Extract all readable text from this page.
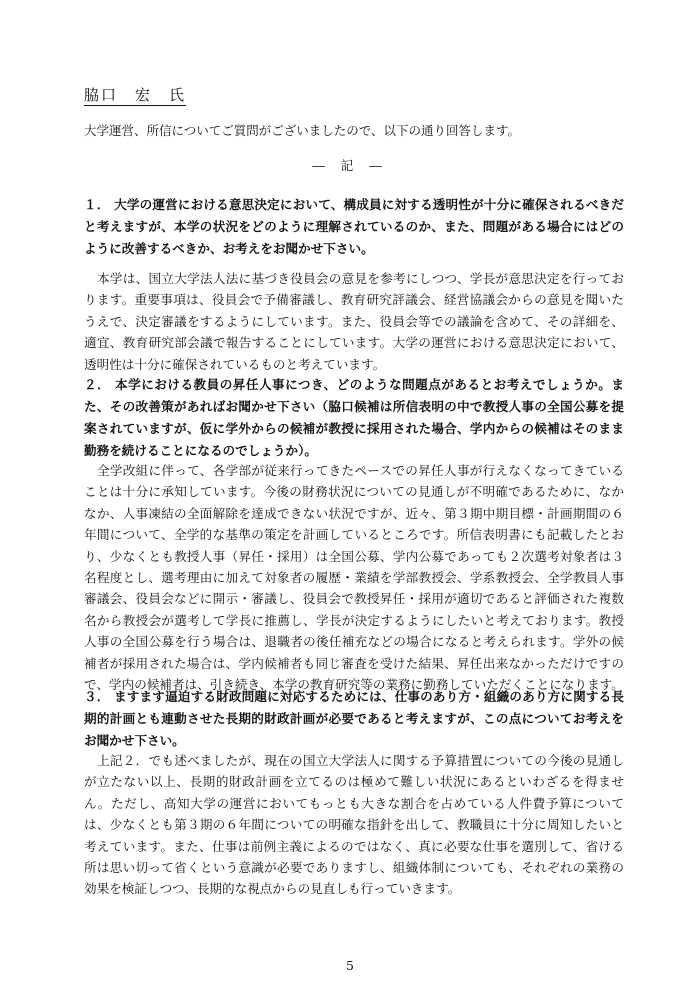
脇口　宏　氏
大学運営、所信についてご質問がございましたので、以下の通り回答します。
― 記 ―
１． 大学の運営における意思決定において、構成員に対する透明性が十分に確保されるべきだと考えますが、本学の状況をどのように理解されているのか、また、問題がある場合にはどのように改善するべきか、お考えをお聞かせ下さい。
本学は、国立大学法人法に基づき役員会の意見を参考にしつつ、学長が意思決定を行っております。重要事項は、役員会で予備審議し、教育研究評議会、経営協議会からの意見を聞いたうえで、決定審議をするようにしています。また、役員会等での議論を含めて、その詳細を、適宜、教育研究部会議で報告することにしています。大学の運営における意思決定において、透明性は十分に確保されているものと考えています。
２． 本学における教員の昇任人事につき、どのような問題点があるとお考えでしょうか。また、その改善策があればお聞かせ下さい（脇口候補は所信表明の中で教授人事の全国公募を提案されていますが、仮に学外からの候補が教授に採用された場合、学内からの候補はそのまま勤務を続けることになるのでしょうか）。
全学改組に伴って、各学部が従来行ってきたペースでの昇任人事が行えなくなってきていることは十分に承知しています。今後の財務状況についての見通しが不明確であるために、なかなか、人事凍結の全面解除を達成できない状況ですが、近々、第３期中期目標・計画期間の６年間について、全学的な基準の策定を計画しているところです。所信表明書にも記載したとおり、少なくとも教授人事（昇任・採用）は全国公募、学内公募であっても２次選考対象者は３名程度とし、選考理由に加えて対象者の履歴・業績を学部教授会、学系教授会、全学教員人事審議会、役員会などに開示・審議し、役員会で教授昇任・採用が適切であると評価された複数名から教授会が選考して学長に推薦し、学長が決定するようにしたいと考えております。教授人事の全国公募を行う場合は、退職者の後任補充などの場合になると考えられます。学外の候補者が採用された場合は、学内候補者も同じ審査を受けた結果、昇任出来なかっただけですので、学内の候補者は、引き続き、本学の教育研究等の業務に勤務していただくことになります。
３． ますます逼迫する財政問題に対応するためには、仕事のあり方・組織のあり方に関する長期的計画とも連動させた長期的財政計画が必要であると考えますが、この点についてお考えをお聞かせ下さい。
上記２．でも述べましたが、現在の国立大学法人に関する予算措置についての今後の見通しが立たない以上、長期的財政計画を立てるのは極めて難しい状況にあるといわざるを得ません。ただし、高知大学の運営においてもっとも大きな割合を占めている人件費予算については、少なくとも第３期の６年間についての明確な指針を出して、教職員に十分に周知したいと考えています。また、仕事は前例主義によるのではなく、真に必要な仕事を選別して、省ける所は思い切って省くという意識が必要でありますし、組織体制についても、それぞれの業務の効果を検証しつつ、長期的な視点からの見直しも行っていきます。
5
